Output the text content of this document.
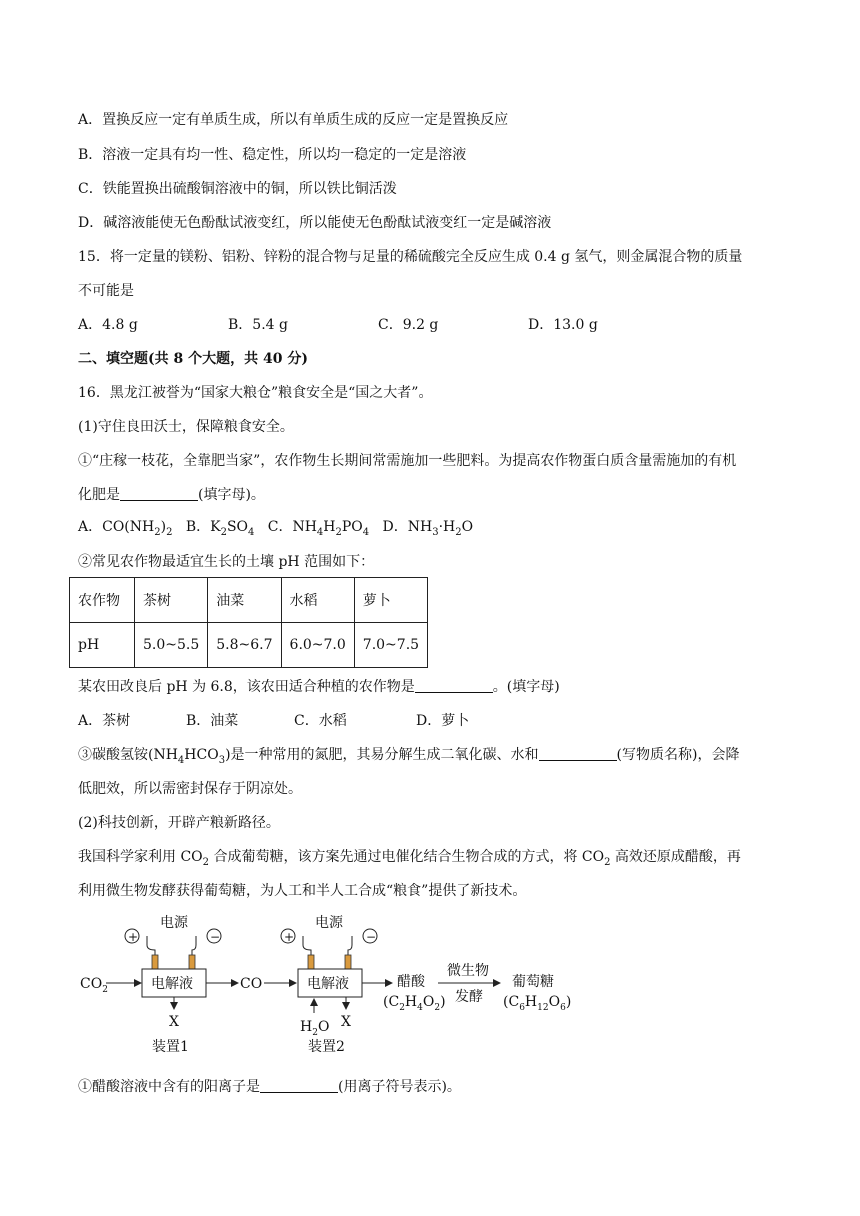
A．置换反应一定有单质生成，所以有单质生成的反应一定是置换反应
B．溶液一定具有均一性、稳定性，所以均一稳定的一定是溶液
C．铁能置换出硫酸铜溶液中的铜，所以铁比铜活泼
D．碱溶液能使无色酚酞试液变红，所以能使无色酚酞试液变红一定是碱溶液
15．将一定量的镁粉、铝粉、锌粉的混合物与足量的稀硫酸完全反应生成 0.4 g 氢气，则金属混合物的质量
不可能是
A．4.8 g	B．5.4 g	C．9.2 g	D．13.0 g
二、填空题(共 8 个大题，共 40 分)
16．黑龙江被誉为“国家大粮仓”粮食安全是“国之大者”。
(1)守住良田沃士，保障粮食安全。
①“庄稼一枝花，全靠肥当家”，农作物生长期间常需施加一些肥料。为提高农作物蛋白质含量需施加的有机
化肥是	(填字母)。
A．$CO(NH_2)_2$ B．$K_2SO_4$ C．$NH_4H_2PO_4$ D．$NH_3\cdot H_2O$
②常见农作物最适宜生长的土壤 pH 范围如下：
农作物	茶树	油菜	水稻	萝卜
pH	5.0~5.5	5.8~6.7	6.0~7.0	7.0~7.5
某农田改良后 pH 为 6.8，该农田适合种植的农作物是	。(填字母)
A．茶树	B．油菜	C．水稻	D．萝卜
③碳酸氢铵$(NH_4HCO_3)$是一种常用的氮肥，其易分解生成二氧化碳、水和	(写物质名称)，会降
低肥效，所以需密封保存于阴凉处。
(2)科技创新，开辟产粮新路径。
我国科学家利用 $CO_2$ 合成葡萄糖，该方案先通过电催化结合生物合成的方式，将 $CO_2$ 高效还原成醋酸，再
利用微生物发酵获得葡萄糖，为人工和半人工合成“粮食”提供了新技术。
电源
+	−
电解液
$CO_2$
X
装置1
CO
电源
+	−
电解液
$H_2O$ X
装置2
醋酸
$(C_2H_4O_2)$
微生物
发酵
葡萄糖
$(C_6H_{12}O_6)$
①醋酸溶液中含有的阳离子是	(用离子符号表示)。
